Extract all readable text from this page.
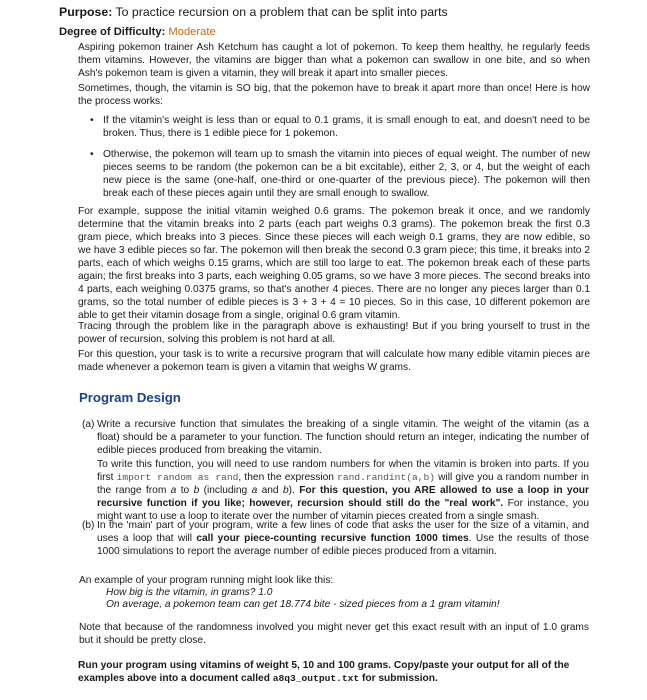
Purpose: To practice recursion on a problem that can be split into parts
Degree of Difficulty: Moderate

Aspiring pokemon trainer Ash Ketchum has caught a lot of pokemon. To keep them healthy, he regularly feeds them vitamins. However, the vitamins are bigger than what a pokemon can swallow in one bite, and so when Ash's pokemon team is given a vitamin, they will break it apart into smaller pieces.

Sometimes, though, the vitamin is SO big, that the pokemon have to break it apart more than once! Here is how the process works:

• If the vitamin's weight is less than or equal to 0.1 grams, it is small enough to eat, and doesn't need to be broken. Thus, there is 1 edible piece for 1 pokemon.

• Otherwise, the pokemon will team up to smash the vitamin into pieces of equal weight. The number of new pieces seems to be random (the pokemon can be a bit excitable), either 2, 3, or 4, but the weight of each new piece is the same (one-half, one-third or one-quarter of the previous piece). The pokemon will then break each of these pieces again until they are small enough to swallow.

For example, suppose the initial vitamin weighed 0.6 grams. The pokemon break it once, and we randomly determine that the vitamin breaks into 2 parts (each part weighs 0.3 grams). The pokemon break the first 0.3 gram piece, which breaks into 3 pieces. Since these pieces will each weigh 0.1 grams, they are now edible, so we have 3 edible pieces so far. The pokemon will then break the second 0.3 gram piece; this time, it breaks into 2 parts, each of which weighs 0.15 grams, which are still too large to eat. The pokemon break each of these parts again; the first breaks into 3 parts, each weighing 0.05 grams, so we have 3 more pieces. The second breaks into 4 parts, each weighing 0.0375 grams, so that's another 4 pieces. There are no longer any pieces larger than 0.1 grams, so the total number of edible pieces is 3 + 3 + 4 = 10 pieces. So in this case, 10 different pokemon are able to get their vitamin dosage from a single, original 0.6 gram vitamin.

Tracing through the problem like in the paragraph above is exhausting! But if you bring yourself to trust in the power of recursion, solving this problem is not hard at all.

For this question, your task is to write a recursive program that will calculate how many edible vitamin pieces are made whenever a pokemon team is given a vitamin that weighs W grams.

Program Design
(a) Write a recursive function that simulates the breaking of a single vitamin. The weight of the vitamin (as a float) should be a parameter to your function. The function should return an integer, indicating the number of edible pieces produced from breaking the vitamin.

To write this function, you will need to use random numbers for when the vitamin is broken into parts. If you first import random as rand, then the expression rand.randint(a,b) will give you a random number in the range from a to b (including a and b). For this question, you ARE allowed to use a loop in your recursive function if you like; however, recursion should still do the "real work". For instance, you might want to use a loop to iterate over the number of vitamin pieces created from a single smash.

(b) In the 'main' part of your program, write a few lines of code that asks the user for the size of a vitamin, and uses a loop that will call your piece-counting recursive function 1000 times. Use the results of those 1000 simulations to report the average number of edible pieces produced from a vitamin.

An example of your program running might look like this:
How big is the vitamin, in grams? 1.0
On average, a pokemon team can get 18.774 bite - sized pieces from a 1 gram vitamin!

Note that because of the randomness involved you might never get this exact result with an input of 1.0 grams but it should be pretty close.

Run your program using vitamins of weight 5, 10 and 100 grams. Copy/paste your output for all of the examples above into a document called a8q3_output.txt for submission.
